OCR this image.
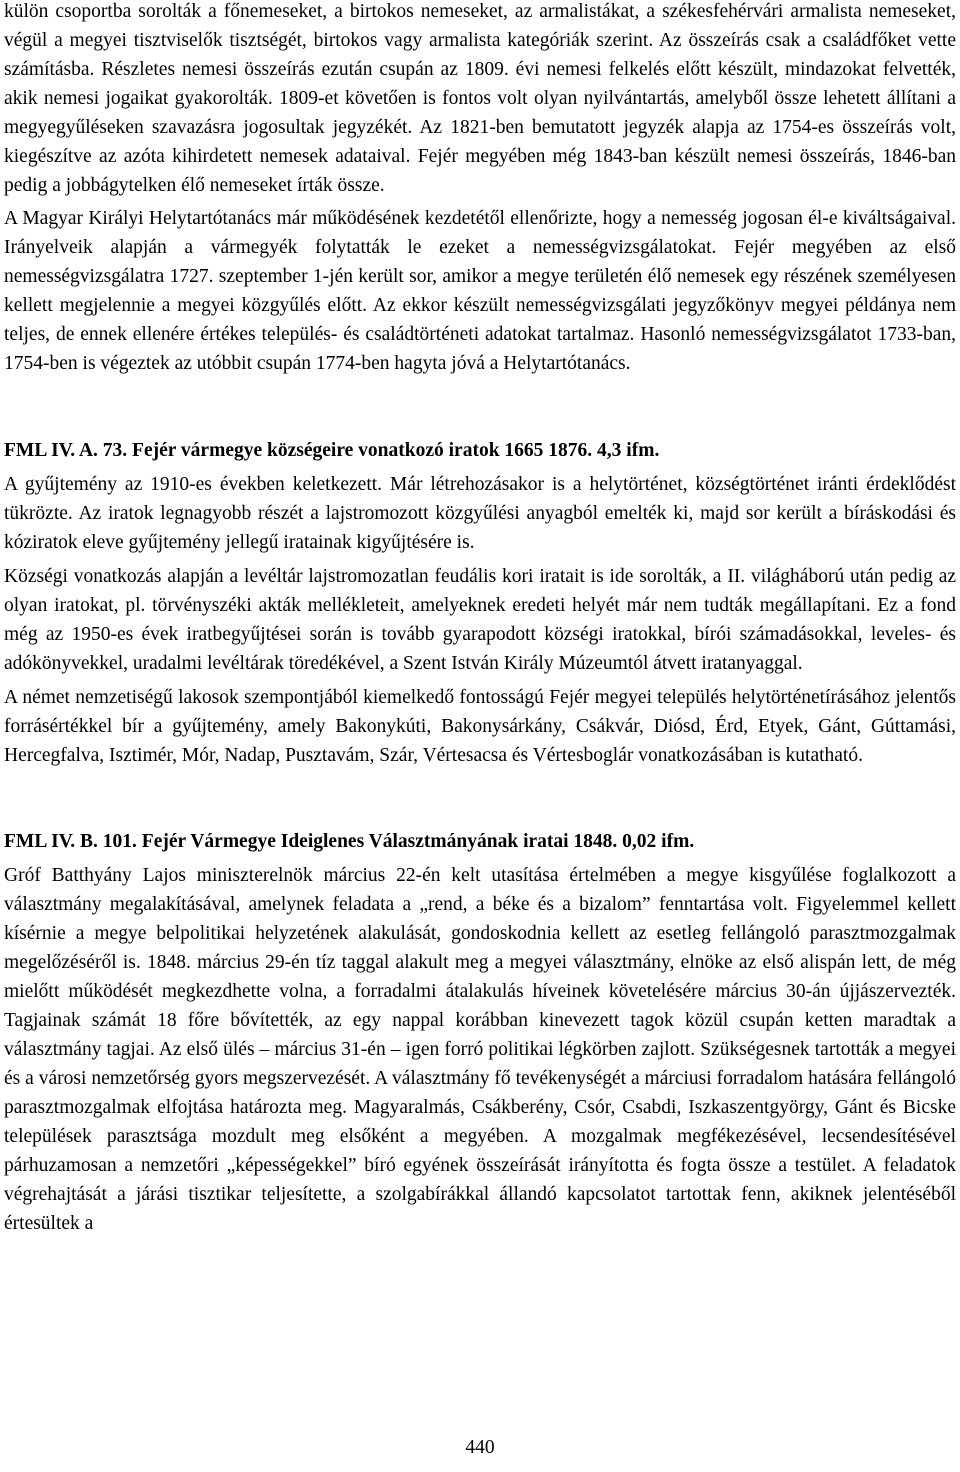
külön csoportba sorolták a főnemeseket, a birtokos nemeseket, az armalistákat, a székesfehérvári armalista nemeseket, végül a megyei tisztviselők tisztségét, birtokos vagy armalista kategóriák szerint. Az összeírás csak a családfőket vette számításba. Részletes nemesi összeírás ezután csupán az 1809. évi nemesi felkelés előtt készült, mindazokat felvették, akik nemesi jogaikat gyakorolták. 1809-et követően is fontos volt olyan nyilvántartás, amelyből össze lehetett állítani a megyegyűléseken szavazásra jogosultak jegyzékét. Az 1821-ben bemutatott jegyzék alapja az 1754-es összeírás volt, kiegészítve az azóta kihirdetett nemesek adataival. Fejér megyében még 1843-ban készült nemesi összeírás, 1846-ban pedig a jobbágytelken élő nemeseket írták össze.

A Magyar Királyi Helytartótanács már működésének kezdetétől ellenőrizte, hogy a nemesség jogosan él-e kiváltságaival. Irányelveik alapján a vármegyék folytatták le ezeket a nemességvizsgálatokat. Fejér megyében az első nemességvizsgálatra 1727. szeptember 1-jén került sor, amikor a megye területén élő nemesek egy részének személyesen kellett megjelennie a megyei közgyűlés előtt. Az ekkor készült nemességvizsgálati jegyzőkönyv megyei példánya nem teljes, de ennek ellenére értékes település- és családtörténeti adatokat tartalmaz. Hasonló nemességvizsgálatot 1733-ban, 1754-ben is végeztek az utóbbit csupán 1774-ben hagyta jóvá a Helytartótanács.

FML IV. A. 73. Fejér vármegye községeire vonatkozó iratok 1665 1876. 4,3 ifm.

A gyűjtemény az 1910-es években keletkezett. Már létrehozásakor is a helytörténet, községtörténet iránti érdeklődést tükrözte. Az iratok legnagyobb részét a lajstromozott közgyűlési anyagból emelték ki, majd sor került a bíráskodási és kóziratok eleve gyűjtemény jellegű iratainak kigyűjtésére is.

Községi vonatkozás alapján a levéltár lajstromozatlan feudális kori iratait is ide sorolták, a II. világháború után pedig az olyan iratokat, pl. törvényszéki akták mellékleteit, amelyeknek eredeti helyét már nem tudták megállapítani. Ez a fond még az 1950-es évek iratbegyűjtései során is tovább gyarapodott községi iratokkal, bírói számadásokkal, leveles- és adókönyvekkel, uradalmi levéltárak töredékével, a Szent István Király Múzeumtól átvett iratanyaggal.

A német nemzetiségű lakosok szempontjából kiemelkedő fontosságú Fejér megyei település helytörténetírásához jelentős forrásértékkel bír a gyűjtemény, amely Bakonykúti, Bakonysárkány, Csákvár, Diósd, Érd, Etyek, Gánt, Gúttamási, Hercegfalva, Isztimér, Mór, Nadap, Pusztavám, Szár, Vértesacsa és Vértesboglár vonatkozásában is kutatható.

FML IV. B. 101. Fejér Vármegye Ideiglenes Választmányának iratai 1848. 0,02 ifm.

Gróf Batthyány Lajos miniszterelnök március 22-én kelt utasítása értelmében a megye kisgyűlése foglalkozott a választmány megalakításával, amelynek feladata a „rend, a béke és a bizalom” fenntartása volt. Figyelemmel kellett kísérnie a megye belpolitikai helyzetének alakulását, gondoskodnia kellett az esetleg fellángoló parasztmozgalmak megelőzéséről is. 1848. március 29-én tíz taggal alakult meg a megyei választmány, elnöke az első alispán lett, de még mielőtt működését megkezdhette volna, a forradalmi átalakulás híveinek követelésére március 30-án újjászervezték. Tagjainak számát 18 főre bővítették, az egy nappal korábban kinevezett tagok közül csupán ketten maradtak a választmány tagjai. Az első ülés – március 31-én – igen forró politikai légkörben zajlott. Szükségesnek tartották a megyei és a városi nemzetőrség gyors megszervezését. A választmány fő tevékenységét a márciusi forradalom hatására fellángoló parasztmozgalmak elfojtása határozta meg. Magyaralmás, Csákberény, Csór, Csabdi, Iszkaszentgyörgy, Gánt és Bicske települések parasztsága mozdult meg elsőként a megyében. A mozgalmak megfékezésével, lecsendesítésével párhuzamosan a nemzetőri „képességekkel” bíró egyének összeírását irányította és fogta össze a testület. A feladatok végrehajtását a járási tisztikar teljesítette, a szolgabírákkal állandó kapcsolatot tartottak fenn, akiknek jelentéséből értesültek a

440
